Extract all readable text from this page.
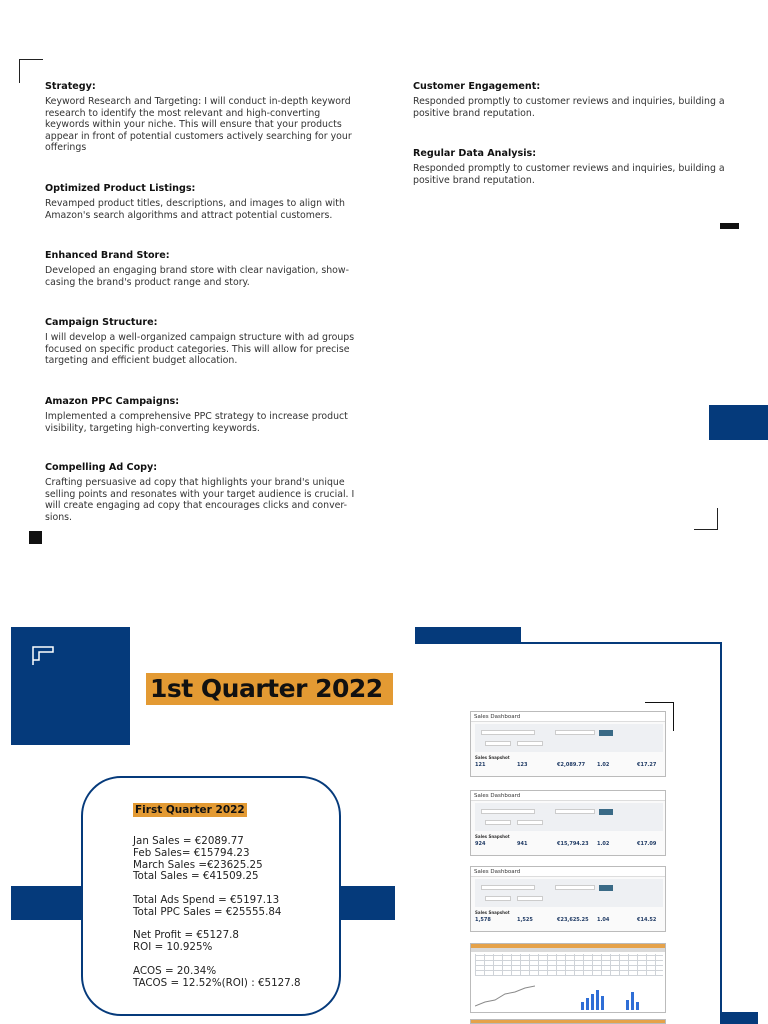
Strategy:

Keyword Research and Targeting: I will conduct in-depth keyword
research to identify the most relevant and high-converting
keywords within your niche. This will ensure that your products
appear in front of potential customers actively searching for your
offerings

Optimized Product Listings:

Revamped product titles, descriptions, and images to align with
Amazon's search algorithms and attract potential customers.

Enhanced Brand Store:

Developed an engaging brand store with clear navigation, show-
casing the brand's product range and story.

Campaign Structure:

I will develop a well-organized campaign structure with ad groups
focused on specific product categories. This will allow for precise
targeting and efficient budget allocation.

Amazon PPC Campaigns:

Implemented a comprehensive PPC strategy to increase product
visibility, targeting high-converting keywords.

Compelling Ad Copy:

Crafting persuasive ad copy that highlights your brand's unique
selling points and resonates with your target audience is crucial. I
will create engaging ad copy that encourages clicks and conver-
sions.

Customer Engagement:

Responded promptly to customer reviews and inquiries, building a
positive brand reputation.

Regular Data Analysis:

Responded promptly to customer reviews and inquiries, building a
positive brand reputation.

1st Quarter 2022
First Quarter 2022
Jan Sales = €2089.77
Feb Sales= €15794.23
March Sales =€23625.25
Total Sales = €41509.25
Total Ads Spend = €5197.13
Total PPC Sales = €25555.84
Net Profit = €5127.8
ROI = 10.925%
ACOS = 20.34%
TACOS = 12.52%(ROI) : €5127.8
Sales Dashboard
Sales Snapshot
121	123	€2,089.77 1.02	€17.27
Sales Dashboard
Sales Snapshot
924	941	€15,794.23 1.02	€17.09
Sales Dashboard
Sales Snapshot
1,578	1,525	€23,625.25 1.04	€14.52
